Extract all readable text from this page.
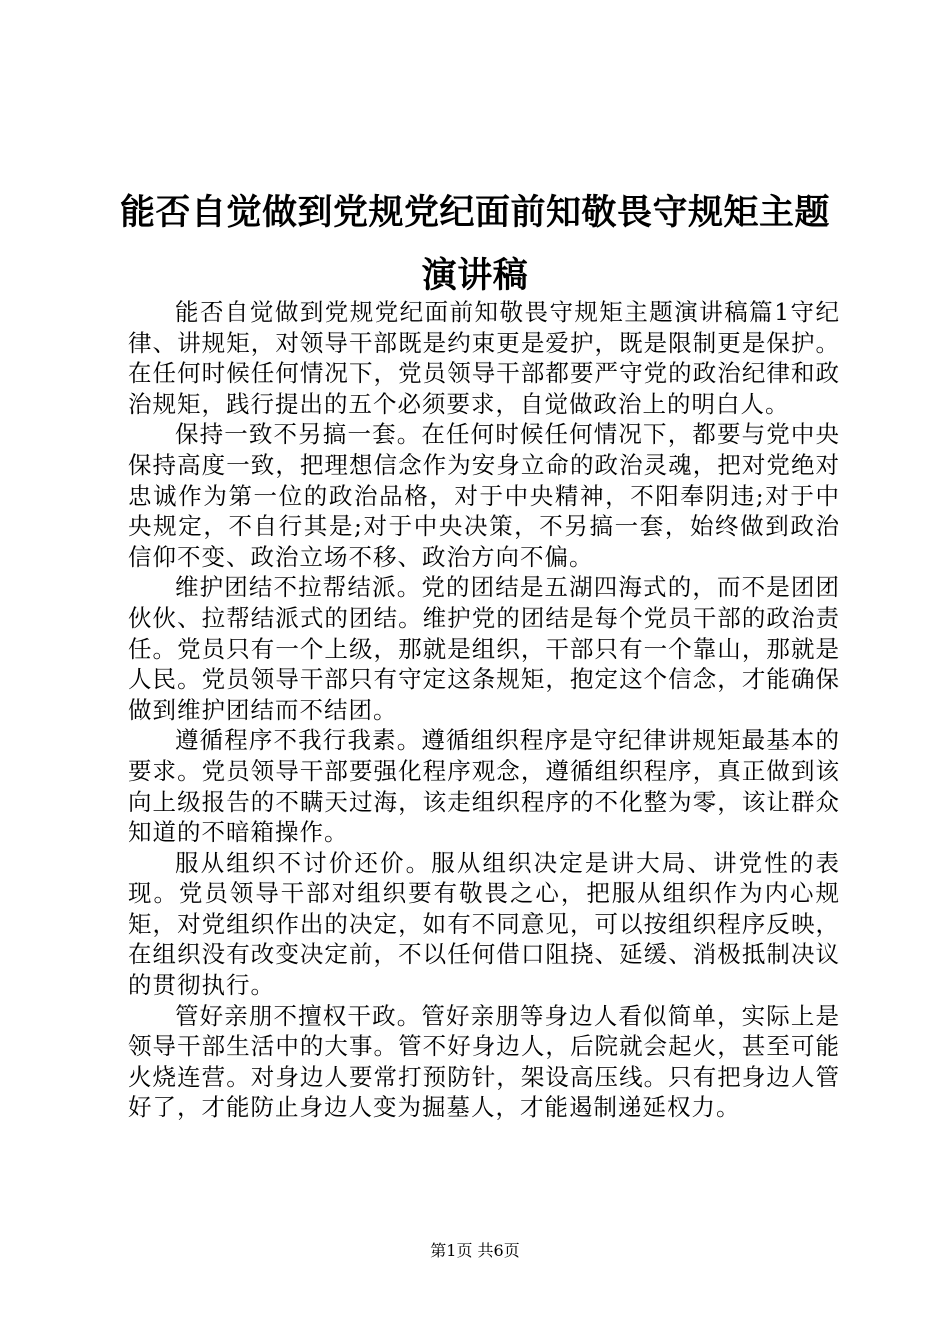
能否自觉做到党规党纪面前知敬畏守规矩主题演讲稿

能否自觉做到党规党纪面前知敬畏守规矩主题演讲稿篇1守纪律、讲规矩，对领导干部既是约束更是爱护，既是限制更是保护。在任何时候任何情况下，党员领导干部都要严守党的政治纪律和政治规矩，践行提出的五个必须要求，自觉做政治上的明白人。

保持一致不另搞一套。在任何时候任何情况下，都要与党中央保持高度一致，把理想信念作为安身立命的政治灵魂，把对党绝对忠诚作为第一位的政治品格，对于中央精神，不阳奉阴违;对于中央规定，不自行其是;对于中央决策，不另搞一套，始终做到政治信仰不变、政治立场不移、政治方向不偏。

维护团结不拉帮结派。党的团结是五湖四海式的，而不是团团伙伙、拉帮结派式的团结。维护党的团结是每个党员干部的政治责任。党员只有一个上级，那就是组织，干部只有一个靠山，那就是人民。党员领导干部只有守定这条规矩，抱定这个信念，才能确保做到维护团结而不结团。

遵循程序不我行我素。遵循组织程序是守纪律讲规矩最基本的要求。党员领导干部要强化程序观念，遵循组织程序，真正做到该向上级报告的不瞒天过海，该走组织程序的不化整为零，该让群众知道的不暗箱操作。

服从组织不讨价还价。服从组织决定是讲大局、讲党性的表现。党员领导干部对组织要有敬畏之心，把服从组织作为内心规矩，对党组织作出的决定，如有不同意见，可以按组织程序反映，在组织没有改变决定前，不以任何借口阻挠、延缓、消极抵制决议的贯彻执行。

管好亲朋不擅权干政。管好亲朋等身边人看似简单，实际上是领导干部生活中的大事。管不好身边人，后院就会起火，甚至可能火烧连营。对身边人要常打预防针，架设高压线。只有把身边人管好了，才能防止身边人变为掘墓人，才能遏制递延权力。

第1页 共6页
